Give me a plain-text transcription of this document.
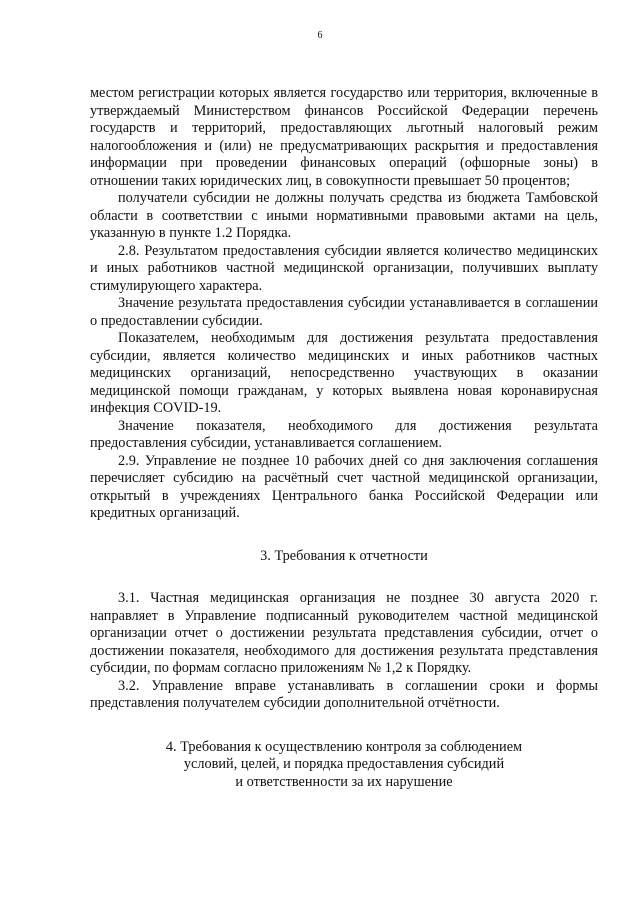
6

местом регистрации которых является государство или территория, включенные в утверждаемый Министерством финансов Российской Федерации перечень государств и территорий, предоставляющих льготный налоговый режим налогообложения и (или) не предусматривающих раскрытия и предоставления информации при проведении финансовых операций (офшорные зоны) в отношении таких юридических лиц, в совокупности превышает 50 процентов;

получатели субсидии не должны получать средства из бюджета Тамбовской области в соответствии с иными нормативными правовыми актами на цель, указанную в пункте 1.2 Порядка.

2.8. Результатом предоставления субсидии является количество медицинских и иных работников частной медицинской организации, получивших выплату стимулирующего характера.

Значение результата предоставления субсидии устанавливается в соглашении о предоставлении субсидии.

Показателем, необходимым для достижения результата предоставления субсидии, является количество медицинских и иных работников частных медицинских организаций, непосредственно участвующих в оказании медицинской помощи гражданам, у которых выявлена новая коронавирусная инфекция COVID-19.

Значение показателя, необходимого для достижения результата предоставления субсидии, устанавливается соглашением.

2.9. Управление не позднее 10 рабочих дней со дня заключения соглашения перечисляет субсидию на расчётный счет частной медицинской организации, открытый в учреждениях Центрального банка Российской Федерации или кредитных организаций.

3. Требования к отчетности

3.1. Частная медицинская организация не позднее 30 августа 2020 г. направляет в Управление подписанный руководителем частной медицинской организации отчет о достижении результата представления субсидии, отчет о достижении показателя, необходимого для достижения результата представления субсидии, по формам согласно приложениям № 1,2 к Порядку.

3.2. Управление вправе устанавливать в соглашении сроки и формы представления получателем субсидии дополнительной отчётности.

4. Требования к осуществлению контроля за соблюдением
условий, целей, и порядка предоставления субсидий
и ответственности за их нарушение
